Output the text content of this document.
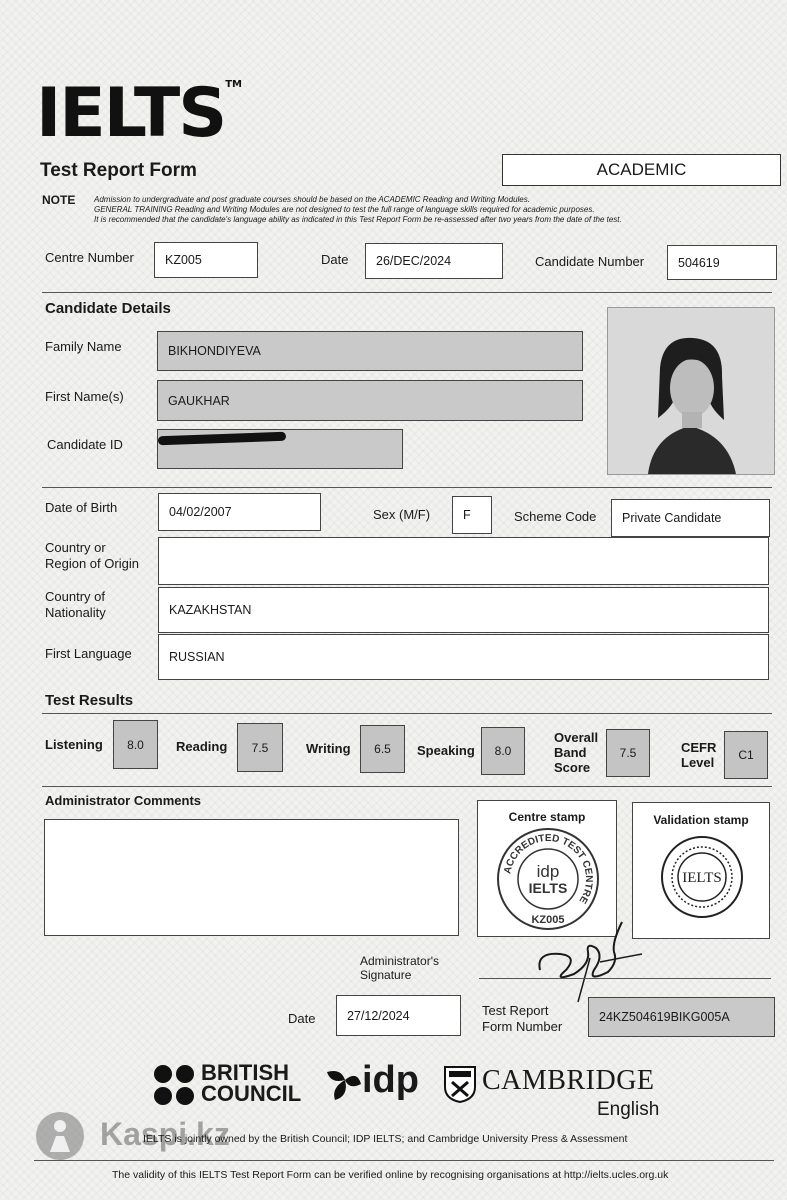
IELTS™
Test Report Form	ACADEMIC
NOTE Admission to undergraduate and post graduate courses should be based on the ACADEMIC Reading and Writing Modules.
GENERAL TRAINING Reading and Writing Modules are not designed to test the full range of language skills required for academic purposes.
It is recommended that the candidate's language ability as indicated in this Test Report Form be re-assessed after two years from the date of the test.
Centre Number	KZ005	Date	26/DEC/2024	Candidate Number	504619
Candidate Details
Family Name	BIKHONDIYEVA
First Name(s)	GAUKHAR
Candidate ID
Date of Birth	04/02/2007	Sex (M/F)	F	Scheme Code	Private Candidate
Country or
Region of Origin
Country of
Nationality	KAZAKHSTAN
First Language	RUSSIAN
Test Results
Listening	8.0	Reading	7.5	Writing	6.5	Speaking	8.0
Overall
Band
Score
7.5	CEFR
Level	C1
Administrator Comments
Centre stamp
ACCREDITED TEST CENTRE
idp
IELTS
KZ005
Validation stamp
IELTS
Administrator's
Signature
Date	27/12/2024	Test Report
Form Number
24KZ504619BIKG005A
BRITISH
COUNCIL idp CAMBRIDGE
English
Kaspi.kz
IELTS is jointly owned by the British Council; IDP IELTS; and Cambridge University Press & Assessment
The validity of this IELTS Test Report Form can be verified online by recognising organisations at http://ielts.ucles.org.uk
